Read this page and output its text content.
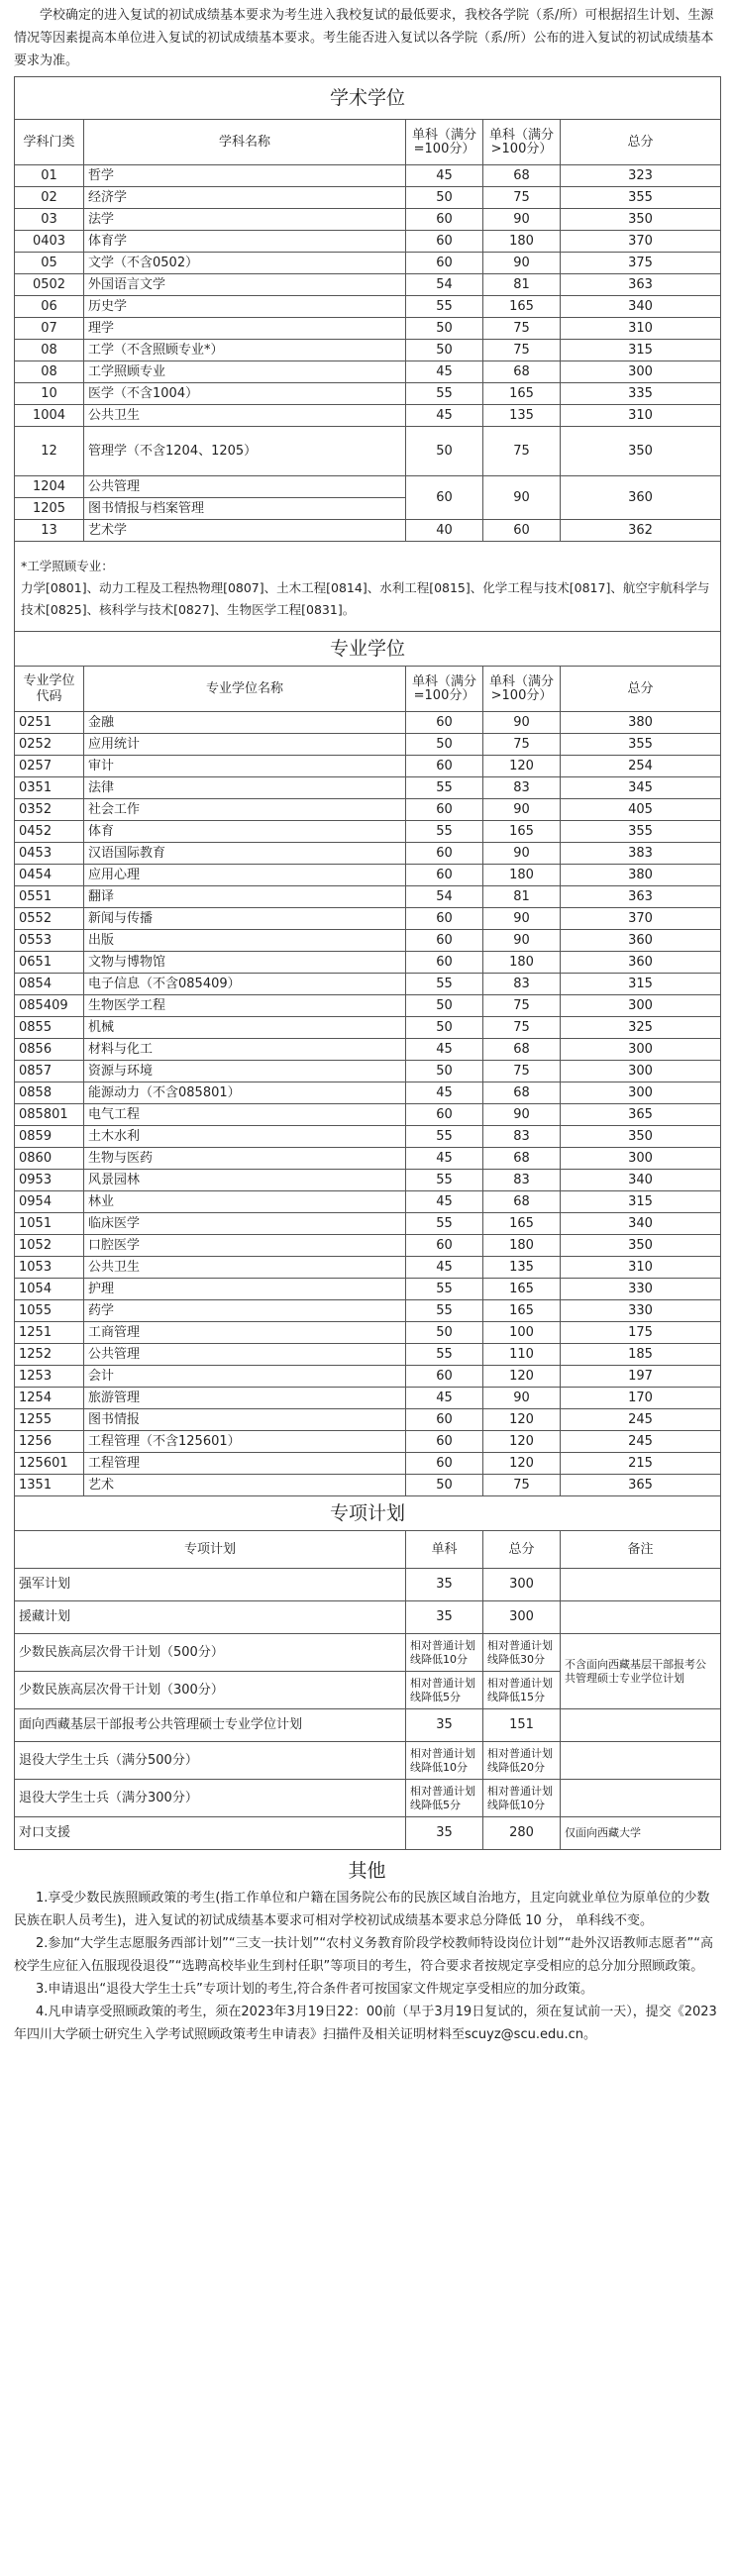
学校确定的进入复试的初试成绩基本要求为考生进入我校复试的最低要求，我校各学院（系/所）可根据招生计划、生源情况等因素提高本单位进入复试的初试成绩基本要求。考生能否进入复试以各学院（系/所）公布的进入复试的初试成绩基本要求为准。

学术学位				
学科门类	学科名称	单科（满分=100分）	单科（满分>100分）	总分
01	哲学	45	68	323
02	经济学	50	75	355
03	法学	60	90	350
0403	体育学	60	180	370
05	文学（不含0502）	60	90	375
0502	外国语言文学	54	81	363
06	历史学	55	165	340
07	理学	50	75	310
08	工学（不含照顾专业*）	50	75	315
08	工学照顾专业	45	68	300
10	医学（不含1004）	55	165	335
1004	公共卫生	45	135	310
12	管理学（不含1204、1205）	50	75	350
1204	公共管理	60	90	360
1205	图书情报与档案管理			
13	艺术学	40	60	362

*工学照顾专业：
力学[0801]、动力工程及工程热物理[0807]、土木工程[0814]、水利工程[0815]、化学工程与技术[0817]、航空宇航科学与技术[0825]、核科学与技术[0827]、生物医学工程[0831]。				
专业学位				
专业学位代码	专业学位名称	单科（满分=100分）	单科（满分>100分）	总分
0251	金融	60	90	380
0252	应用统计	50	75	355
0257	审计	60	120	254
0351	法律	55	83	345
0352	社会工作	60	90	405
0452	体育	55	165	355
0453	汉语国际教育	60	90	383
0454	应用心理	60	180	380
0551	翻译	54	81	363
0552	新闻与传播	60	90	370
0553	出版	60	90	360
0651	文物与博物馆	60	180	360
0854	电子信息（不含085409）	55	83	315
085409	生物医学工程	50	75	300
0855	机械	50	75	325
0856	材料与化工	45	68	300
0857	资源与环境	50	75	300
0858	能源动力（不含085801）	45	68	300
085801	电气工程	60	90	365
0859	土木水利	55	83	350
0860	生物与医药	45	68	300
0953	风景园林	55	83	340
0954	林业	45	68	315
1051	临床医学	55	165	340
1052	口腔医学	60	180	350
1053	公共卫生	45	135	310
1054	护理	55	165	330
1055	药学	55	165	330
1251	工商管理	50	100	175
1252	公共管理	55	110	185
1253	会计	60	120	197
1254	旅游管理	45	90	170
1255	图书情报	60	120	245
1256	工程管理（不含125601）	60	120	245
125601	工程管理	60	120	215
1351	艺术	50	75	365
专项计划			
专项计划	单科	总分	备注
强军计划	35	300	
援藏计划	35	300	
少数民族高层次骨干计划（500分）	相对普通计划线降低10分	相对普通计划线降低30分	不含面向西藏基层干部报考公共管理硕士专业学位计划
少数民族高层次骨干计划（300分）	相对普通计划线降低5分	相对普通计划线降低15分	
面向西藏基层干部报考公共管理硕士专业学位计划	35	151	
退役大学生士兵（满分500分）	相对普通计划线降低10分	相对普通计划线降低20分	
退役大学生士兵（满分300分）	相对普通计划线降低5分	相对普通计划线降低10分	
对口支援	35	280	仅面向西藏大学
其他

1.享受少数民族照顾政策的考生(指工作单位和户籍在国务院公布的民族区域自治地方，且定向就业单位为原单位的少数民族在职人员考生)，进入复试的初试成绩基本要求可相对学校初试成绩基本要求总分降低 10 分， 单科线不变。

2.参加“大学生志愿服务西部计划”“三支一扶计划”“农村义务教育阶段学校教师特设岗位计划”“赴外汉语教师志愿者”“高校学生应征入伍服现役退役”“选聘高校毕业生到村任职”等项目的考生，符合要求者按规定享受相应的总分加分照顾政策。

3.申请退出“退役大学生士兵”专项计划的考生,符合条件者可按国家文件规定享受相应的加分政策。

4.凡申请享受照顾政策的考生，须在2023年3月19日22：00前（早于3月19日复试的，须在复试前一天），提交《2023年四川大学硕士研究生入学考试照顾政策考生申请表》扫描件及相关证明材料至scuyz@scu.edu.cn。
